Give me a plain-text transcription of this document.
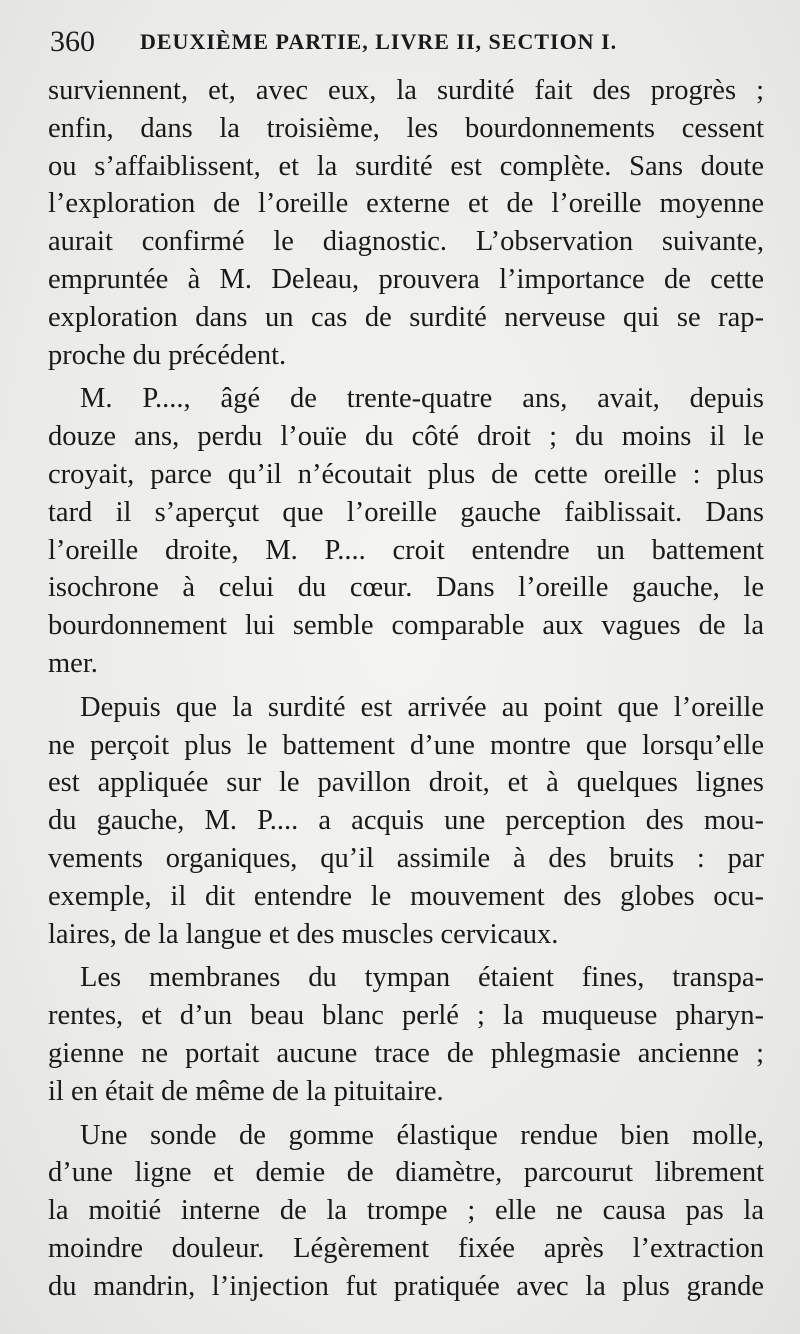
360 DEUXIÈME PARTIE, LIVRE II, SECTION I.
surviennent, et, avec eux, la surdité fait des progrès ;
enfin, dans la troisième, les bourdonnements cessent
ou s’affaiblissent, et la surdité est complète. Sans doute
l’exploration de l’oreille externe et de l’oreille moyenne
aurait confirmé le diagnostic. L’observation suivante,
empruntée à M. Deleau, prouvera l’importance de cette
exploration dans un cas de surdité nerveuse qui se rap-
proche du précédent.
M. P...., âgé de trente-quatre ans, avait, depuis
douze ans, perdu l’ouïe du côté droit ; du moins il le
croyait, parce qu’il n’écoutait plus de cette oreille : plus
tard il s’aperçut que l’oreille gauche faiblissait. Dans
l’oreille droite, M. P.... croit entendre un battement
isochrone à celui du cœur. Dans l’oreille gauche, le
bourdonnement lui semble comparable aux vagues de la
mer.
Depuis que la surdité est arrivée au point que l’oreille
ne perçoit plus le battement d’une montre que lorsqu’elle
est appliquée sur le pavillon droit, et à quelques lignes
du gauche, M. P.... a acquis une perception des mou-
vements organiques, qu’il assimile à des bruits : par
exemple, il dit entendre le mouvement des globes ocu-
laires, de la langue et des muscles cervicaux.
Les membranes du tympan étaient fines, transpa-
rentes, et d’un beau blanc perlé ; la muqueuse pharyn-
gienne ne portait aucune trace de phlegmasie ancienne ;
il en était de même de la pituitaire.
Une sonde de gomme élastique rendue bien molle,
d’une ligne et demie de diamètre, parcourut librement
la moitié interne de la trompe ; elle ne causa pas la
moindre douleur. Légèrement fixée après l’extraction
du mandrin, l’injection fut pratiquée avec la plus grande
